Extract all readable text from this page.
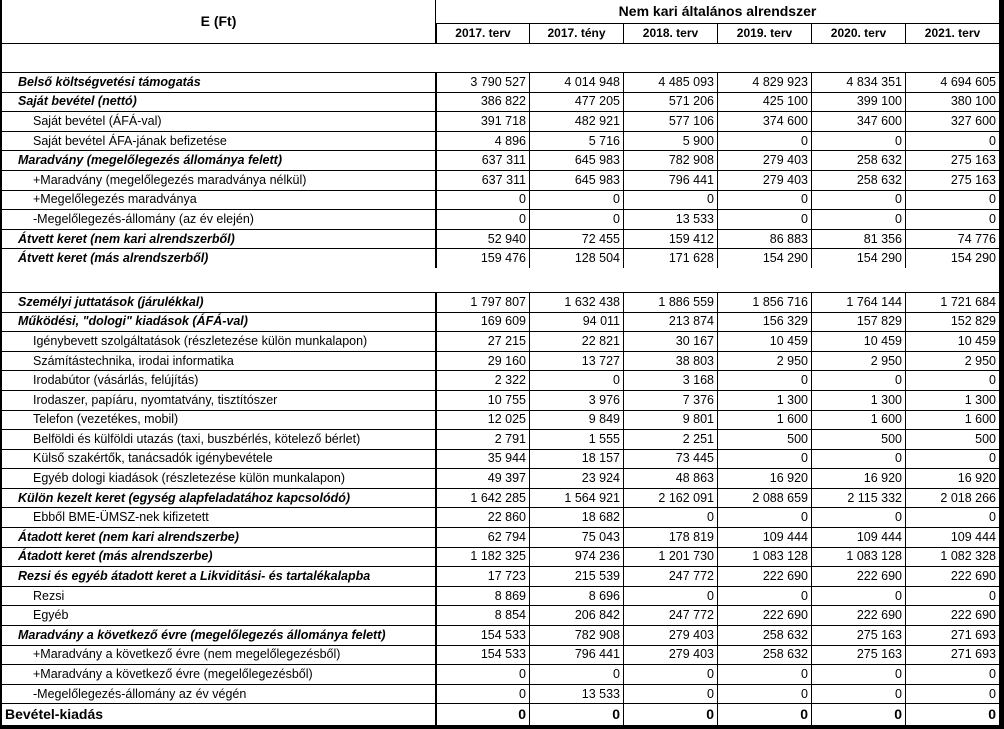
E (Ft)	Nem kari általános alrendszer					
	2017. terv	2017. tény	2018. terv	2019. terv	2020. terv	2021. terv

Belső költségvetési támogatás	3 790 527	4 014 948	4 485 093	4 829 923	4 834 351	4 694 605
Saját bevétel (nettó)	386 822	477 205	571 206	425 100	399 100	380 100
Saját bevétel (ÁFÁ-val)	391 718	482 921	577 106	374 600	347 600	327 600
Saját bevétel ÁFA-jának befizetése	4 896	5 716	5 900	0	0	0
Maradvány (megelőlegezés állománya felett)	637 311	645 983	782 908	279 403	258 632	275 163
+Maradvány (megelőlegezés maradványa nélkül)	637 311	645 983	796 441	279 403	258 632	275 163
+Megelőlegezés maradványa	0	0	0	0	0	0
-Megelőlegezés-állomány (az év elején)	0	0	13 533	0	0	0
Átvett keret (nem kari alrendszerből)	52 940	72 455	159 412	86 883	81 356	74 776
Átvett keret (más alrendszerből)	159 476	128 504	171 628	154 290	154 290	154 290

Személyi juttatások (járulékkal)	1 797 807	1 632 438	1 886 559	1 856 716	1 764 144	1 721 684
Működési, "dologi" kiadások (ÁFÁ-val)	169 609	94 011	213 874	156 329	157 829	152 829
Igénybevett szolgáltatások (részletezése külön munkalapon)	27 215	22 821	30 167	10 459	10 459	10 459
Számítástechnika, irodai informatika	29 160	13 727	38 803	2 950	2 950	2 950
Irodabútor (vásárlás, felújítás)	2 322	0	3 168	0	0	0
Irodaszer, papíáru, nyomtatvány, tisztítószer	10 755	3 976	7 376	1 300	1 300	1 300
Telefon (vezetékes, mobil)	12 025	9 849	9 801	1 600	1 600	1 600
Belföldi és külföldi utazás (taxi, buszbérlés, kötelező bérlet)	2 791	1 555	2 251	500	500	500
Külső szakértők, tanácsadók igénybevétele	35 944	18 157	73 445	0	0	0
Egyéb dologi kiadások (részletezése külön munkalapon)	49 397	23 924	48 863	16 920	16 920	16 920
Külön kezelt keret (egység alapfeladatához kapcsolódó)	1 642 285	1 564 921	2 162 091	2 088 659	2 115 332	2 018 266
Ebből BME-ÜMSZ-nek kifizetett	22 860	18 682	0	0	0	0
Átadott keret (nem kari alrendszerbe)	62 794	75 043	178 819	109 444	109 444	109 444
Átadott keret (más alrendszerbe)	1 182 325	974 236	1 201 730	1 083 128	1 083 128	1 082 328
Rezsi és egyéb átadott keret a Likviditási- és tartalékalapba	17 723	215 539	247 772	222 690	222 690	222 690
Rezsi	8 869	8 696	0	0	0	0
Egyéb	8 854	206 842	247 772	222 690	222 690	222 690
Maradvány a következő évre (megelőlegezés állománya felett)	154 533	782 908	279 403	258 632	275 163	271 693
+Maradvány a következő évre (nem megelőlegezésből)	154 533	796 441	279 403	258 632	275 163	271 693
+Maradvány a következő évre (megelőlegezésből)	0	0	0	0	0	0
-Megelőlegezés-állomány az év végén	0	13 533	0	0	0	0
Bevétel-kiadás	0	0	0	0	0	0
